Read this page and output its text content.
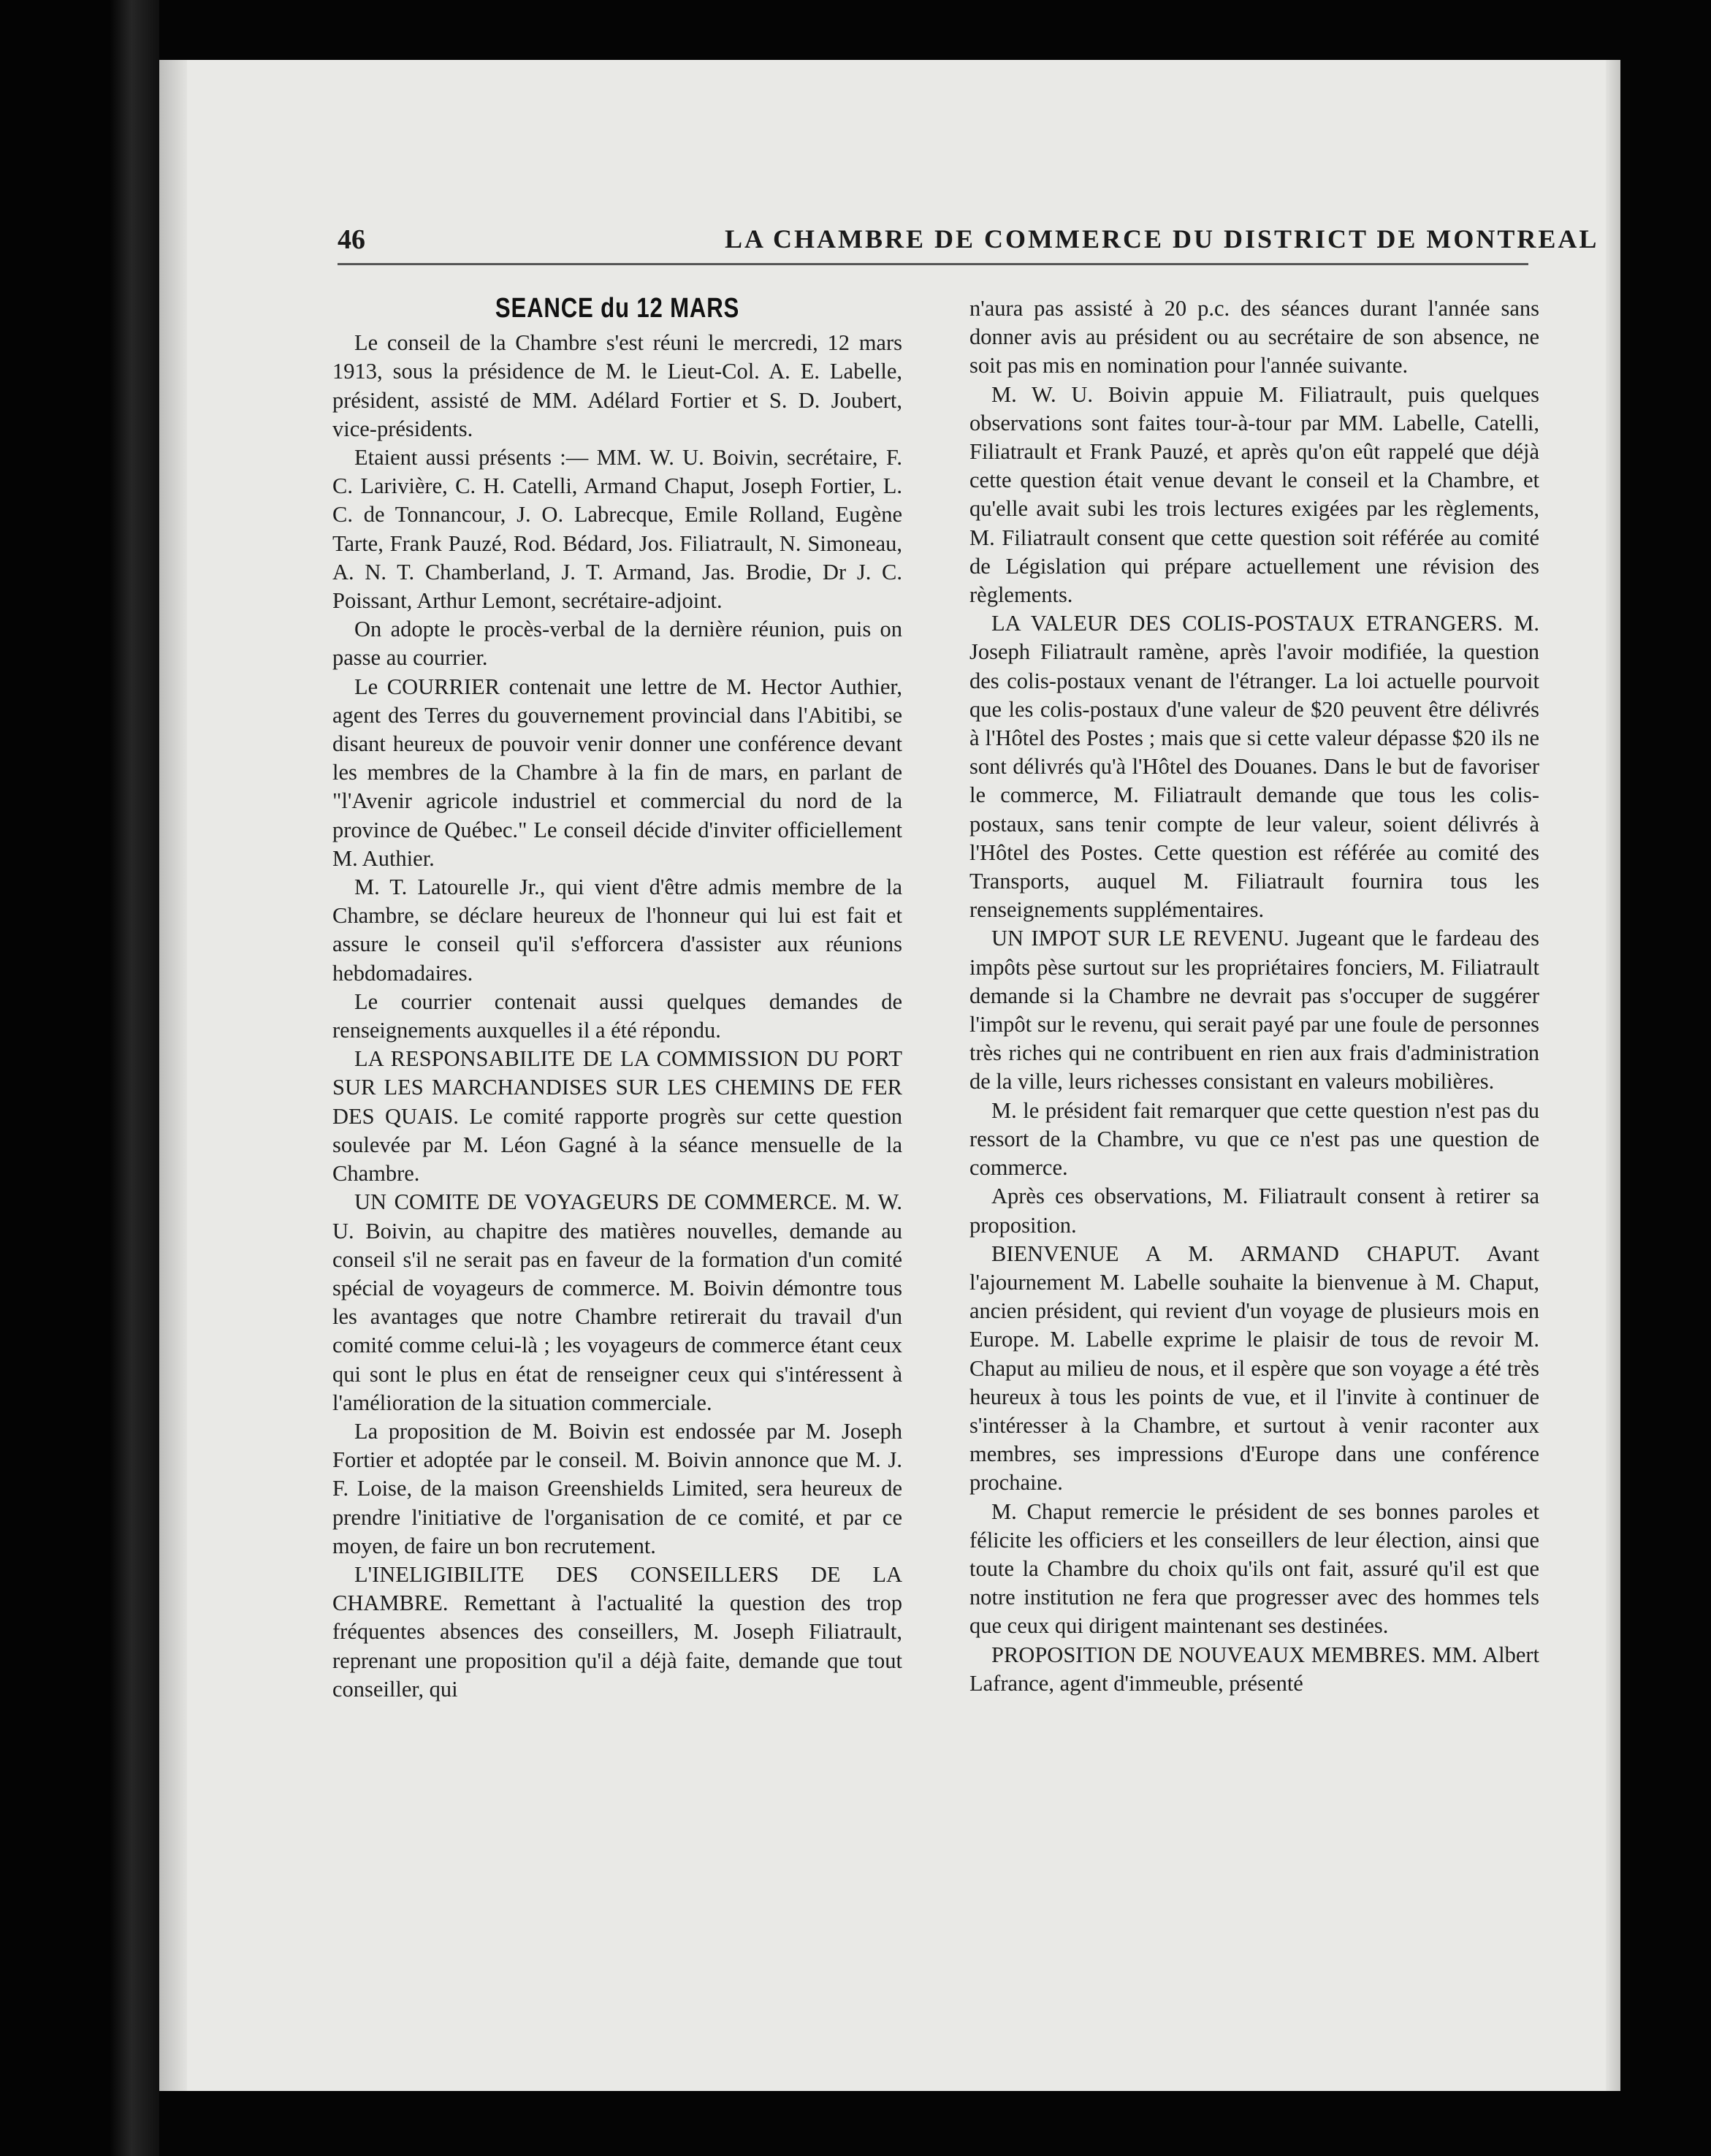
46	LA CHAMBRE DE COMMERCE DU DISTRICT DE MONTREAL
SEANCE du 12 MARS

Le conseil de la Chambre s'est réuni le mercredi, 12 mars 1913, sous la présidence de M. le Lieut-Col. A. E. Labelle, président, assisté de MM. Adélard Fortier et S. D. Joubert, vice-présidents.

Etaient aussi présents :— MM. W. U. Boivin, secrétaire, F. C. Larivière, C. H. Catelli, Armand Chaput, Joseph Fortier, L. C. de Tonnancour, J. O. Labrecque, Emile Rolland, Eugène Tarte, Frank Pauzé, Rod. Bédard, Jos. Filiatrault, N. Simoneau, A. N. T. Chamberland, J. T. Armand, Jas. Brodie, Dr J. C. Poissant, Arthur Lemont, secrétaire-adjoint.

On adopte le procès-verbal de la dernière réunion, puis on passe au courrier.

Le COURRIER contenait une lettre de M. Hector Authier, agent des Terres du gouvernement provincial dans l'Abitibi, se disant heureux de pouvoir venir donner une conférence devant les membres de la Chambre à la fin de mars, en parlant de "l'Avenir agricole industriel et commercial du nord de la province de Québec." Le conseil décide d'inviter officiellement M. Authier.

M. T. Latourelle Jr., qui vient d'être admis membre de la Chambre, se déclare heureux de l'honneur qui lui est fait et assure le conseil qu'il s'efforcera d'assister aux réunions hebdomadaires.

Le courrier contenait aussi quelques demandes de renseignements auxquelles il a été répondu.

LA RESPONSABILITE DE LA COMMISSION DU PORT SUR LES MARCHANDISES SUR LES CHEMINS DE FER DES QUAIS. Le comité rapporte progrès sur cette question soulevée par M. Léon Gagné à la séance mensuelle de la Chambre.

UN COMITE DE VOYAGEURS DE COMMERCE. M. W. U. Boivin, au chapitre des matières nouvelles, demande au conseil s'il ne serait pas en faveur de la formation d'un comité spécial de voyageurs de commerce. M. Boivin démontre tous les avantages que notre Chambre retirerait du travail d'un comité comme celui-là ; les voyageurs de commerce étant ceux qui sont le plus en état de renseigner ceux qui s'intéressent à l'amélioration de la situation commerciale.

La proposition de M. Boivin est endossée par M. Joseph Fortier et adoptée par le conseil. M. Boivin annonce que M. J. F. Loise, de la maison Greenshields Limited, sera heureux de prendre l'initiative de l'organisation de ce comité, et par ce moyen, de faire un bon recrutement.

L'INELIGIBILITE DES CONSEILLERS DE LA CHAMBRE. Remettant à l'actualité la question des trop fréquentes absences des conseillers, M. Joseph Filiatrault, reprenant une proposition qu'il a déjà faite, demande que tout conseiller, qui

n'aura pas assisté à 20 p.c. des séances durant l'année sans donner avis au président ou au secrétaire de son absence, ne soit pas mis en nomination pour l'année suivante.

M. W. U. Boivin appuie M. Filiatrault, puis quelques observations sont faites tour-à-tour par MM. Labelle, Catelli, Filiatrault et Frank Pauzé, et après qu'on eût rappelé que déjà cette question était venue devant le conseil et la Chambre, et qu'elle avait subi les trois lectures exigées par les règlements, M. Filiatrault consent que cette question soit référée au comité de Législation qui prépare actuellement une révision des règlements.

LA VALEUR DES COLIS-POSTAUX ETRANGERS. M. Joseph Filiatrault ramène, après l'avoir modifiée, la question des colis-postaux venant de l'étranger. La loi actuelle pourvoit que les colis-postaux d'une valeur de $20 peuvent être délivrés à l'Hôtel des Postes ; mais que si cette valeur dépasse $20 ils ne sont délivrés qu'à l'Hôtel des Douanes. Dans le but de favoriser le commerce, M. Filiatrault demande que tous les colis-postaux, sans tenir compte de leur valeur, soient délivrés à l'Hôtel des Postes. Cette question est référée au comité des Transports, auquel M. Filiatrault fournira tous les renseignements supplémentaires.

UN IMPOT SUR LE REVENU. Jugeant que le fardeau des impôts pèse surtout sur les propriétaires fonciers, M. Filiatrault demande si la Chambre ne devrait pas s'occuper de suggérer l'impôt sur le revenu, qui serait payé par une foule de personnes très riches qui ne contribuent en rien aux frais d'administration de la ville, leurs richesses consistant en valeurs mobilières.

M. le président fait remarquer que cette question n'est pas du ressort de la Chambre, vu que ce n'est pas une question de commerce.

Après ces observations, M. Filiatrault consent à retirer sa proposition.

BIENVENUE A M. ARMAND CHAPUT. Avant l'ajournement M. Labelle souhaite la bienvenue à M. Chaput, ancien président, qui revient d'un voyage de plusieurs mois en Europe. M. Labelle exprime le plaisir de tous de revoir M. Chaput au milieu de nous, et il espère que son voyage a été très heureux à tous les points de vue, et il l'invite à continuer de s'intéresser à la Chambre, et surtout à venir raconter aux membres, ses impressions d'Europe dans une conférence prochaine.

M. Chaput remercie le président de ses bonnes paroles et félicite les officiers et les conseillers de leur élection, ainsi que toute la Chambre du choix qu'ils ont fait, assuré qu'il est que notre institution ne fera que progresser avec des hommes tels que ceux qui dirigent maintenant ses destinées.

PROPOSITION DE NOUVEAUX MEMBRES. MM. Albert Lafrance, agent d'immeuble, présenté
